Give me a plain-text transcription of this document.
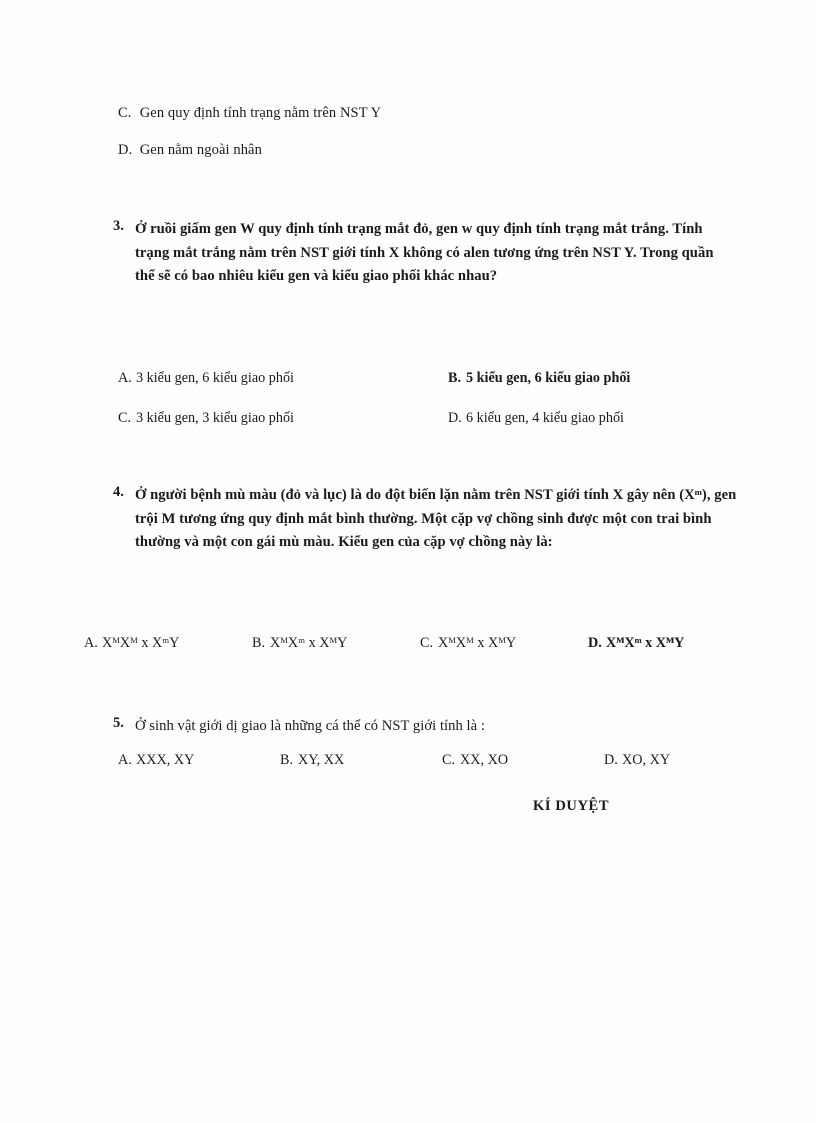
C. Gen quy định tính trạng nằm trên NST Y
D. Gen nằm ngoài nhân
3. Ở ruồi giấm gen W quy định tính trạng mắt đỏ, gen w quy định tính trạng mắt trắng. Tính trạng mắt trắng nằm trên NST giới tính X không có alen tương ứng trên NST Y. Trong quần thể sẽ có bao nhiêu kiểu gen và kiểu giao phối khác nhau?
A. 3 kiểu gen, 6 kiểu giao phối	B. 5 kiểu gen, 6 kiểu giao phối
C. 3 kiểu gen, 3 kiểu giao phối	D. 6 kiểu gen, 4 kiểu giao phối
4. Ở người bệnh mù màu (đỏ và lục) là do đột biến lặn nằm trên NST giới tính X gây nên (Xᵐ), gen trội M tương ứng quy định mắt bình thường. Một cặp vợ chồng sinh được một con trai bình thường và một con gái mù màu. Kiểu gen của cặp vợ chồng này là:
A. XᴹXᴹ x XᵐY	B. XᴹXᵐ x XᴹY	C. XᴹXᴹ x XᴹY	D. XᴹXᵐ x XᴹY
5. Ở sinh vật giới dị giao là những cá thể có NST giới tính là :
A. XXX, XY	B. XY, XX	C. XX, XO	D. XO, XY
KÍ DUYỆT
